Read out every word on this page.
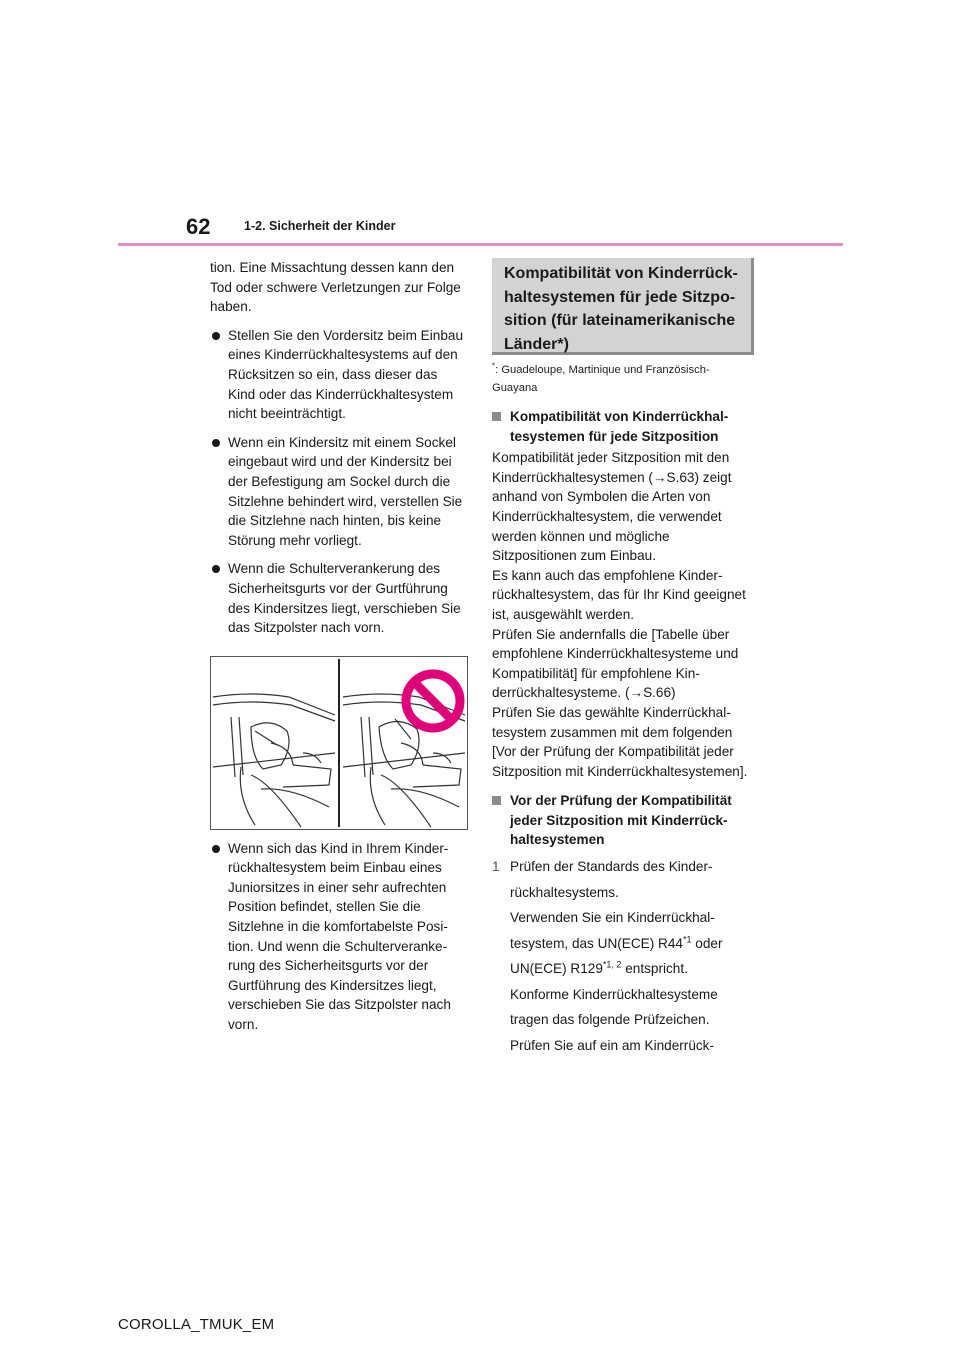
62	1-2. Sicherheit der Kinder

tion. Eine Missachtung dessen kann den Tod oder schwere Verletzungen zur Folge haben.

Stellen Sie den Vordersitz beim Einbau eines Kinderrückhaltesystems auf den Rücksitzen so ein, dass dieser das Kind oder das Kinderrückhaltesystem nicht beeinträchtigt.
Wenn ein Kindersitz mit einem Sockel eingebaut wird und der Kindersitz bei der Befestigung am Sockel durch die Sitzlehne behindert wird, verstellen Sie die Sitzlehne nach hinten, bis keine Störung mehr vorliegt.
Wenn die Schulterverankerung des Sicherheitsgurts vor der Gurtführung des Kindersitzes liegt, verschieben Sie das Sitzpolster nach vorn.
Wenn sich das Kind in Ihrem Kinderrückhaltesystem beim Einbau eines Juniorsitzes in einer sehr aufrechten Position befindet, stellen Sie die Sitzlehne in die komfortabelste Position. Und wenn die Schulterverankerung des Sicherheitsgurts vor der Gurtführung des Kindersitzes liegt, verschieben Sie das Sitzpolster nach vorn.
Kompatibilität von Kinderrückhaltesystemen für jede Sitzposition (für lateinamerikanische Länder*)
*: Guadeloupe, Martinique und Französisch-Guayana
Kompatibilität von Kinderrückhaltesystemen für jede Sitzposition

Kompatibilität jeder Sitzposition mit den Kinderrückhaltesystemen (→S.63) zeigt anhand von Symbolen die Arten von Kinderrückhaltesystem, die verwendet werden können und mögliche Sitzpositionen zum Einbau.

Es kann auch das empfohlene Kinderrückhaltesystem, das für Ihr Kind geeignet ist, ausgewählt werden.

Prüfen Sie andernfalls die [Tabelle über empfohlene Kinderrückhaltesysteme und Kompatibilität] für empfohlene Kinderrückhaltesysteme. (→S.66)

Prüfen Sie das gewählte Kinderrückhaltesystem zusammen mit dem folgenden [Vor der Prüfung der Kompatibilität jeder Sitzposition mit Kinderrückhaltesystemen].

Vor der Prüfung der Kompatibilität jeder Sitzposition mit Kinderrückhaltesystemen
1 Prüfen der Standards des Kinderrückhaltesystems.
Verwenden Sie ein Kinderrückhaltesystem, das UN(ECE) R44$^{*1}$ oder UN(ECE) R129$^{*1, 2}$ entspricht.
Konforme Kinderrückhaltesysteme tragen das folgende Prüfzeichen.
Prüfen Sie auf ein am Kinderrück-
COROLLA_TMUK_EM
